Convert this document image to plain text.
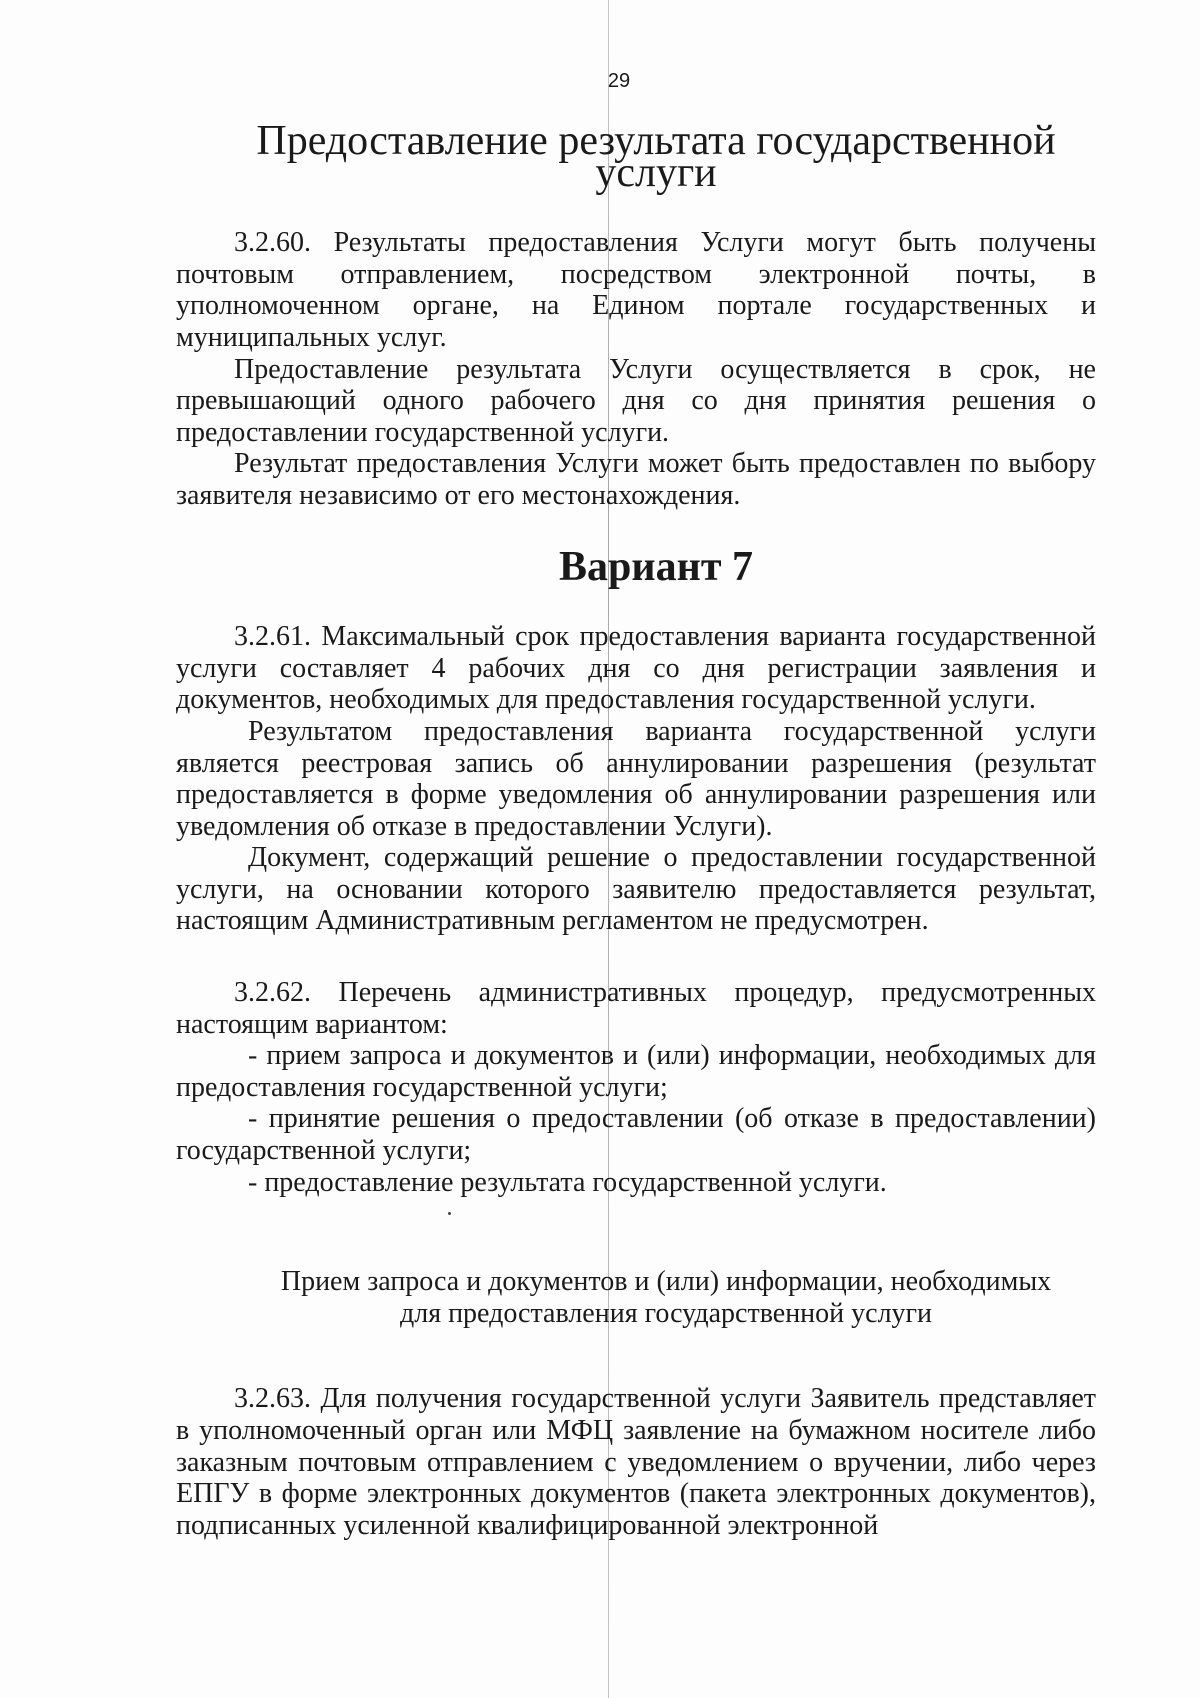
29
Предоставление результата государственной услуги

3.2.60. Результаты предоставления Услуги могут быть получены почтовым отправлением, посредством электронной почты, в уполномоченном органе, на Едином портале государственных и муниципальных услуг.

Предоставление результата Услуги осуществляется в срок, не превышающий одного рабочего дня со дня принятия решения о предоставлении государственной услуги.

Результат предоставления Услуги может быть предоставлен по выбору заявителя независимо от его местонахождения.

Вариант 7

3.2.61. Максимальный срок предоставления варианта государственной услуги составляет 4 рабочих дня со дня регистрации заявления и документов, необходимых для предоставления государственной услуги.

Результатом предоставления варианта государственной услуги является реестровая запись об аннулировании разрешения (результат предоставляется в форме уведомления об аннулировании разрешения или уведомления об отказе в предоставлении Услуги).

Документ, содержащий решение о предоставлении государственной услуги, на основании которого заявителю предоставляется результат, настоящим Административным регламентом не предусмотрен.

3.2.62. Перечень административных процедур, предусмотренных настоящим вариантом:

- прием запроса и документов и (или) информации, необходимых для предоставления государственной услуги;

- принятие решения о предоставлении (об отказе в предоставлении) государственной услуги;

- предоставление результата государственной услуги.

Прием запроса и документов и (или) информации, необходимых
для предоставления государственной услуги

3.2.63. Для получения государственной услуги Заявитель представляет в уполномоченный орган или МФЦ заявление на бумажном носителе либо заказным почтовым отправлением с уведомлением о вручении, либо через ЕПГУ в форме электронных документов (пакета электронных документов), подписанных усиленной квалифицированной электронной
